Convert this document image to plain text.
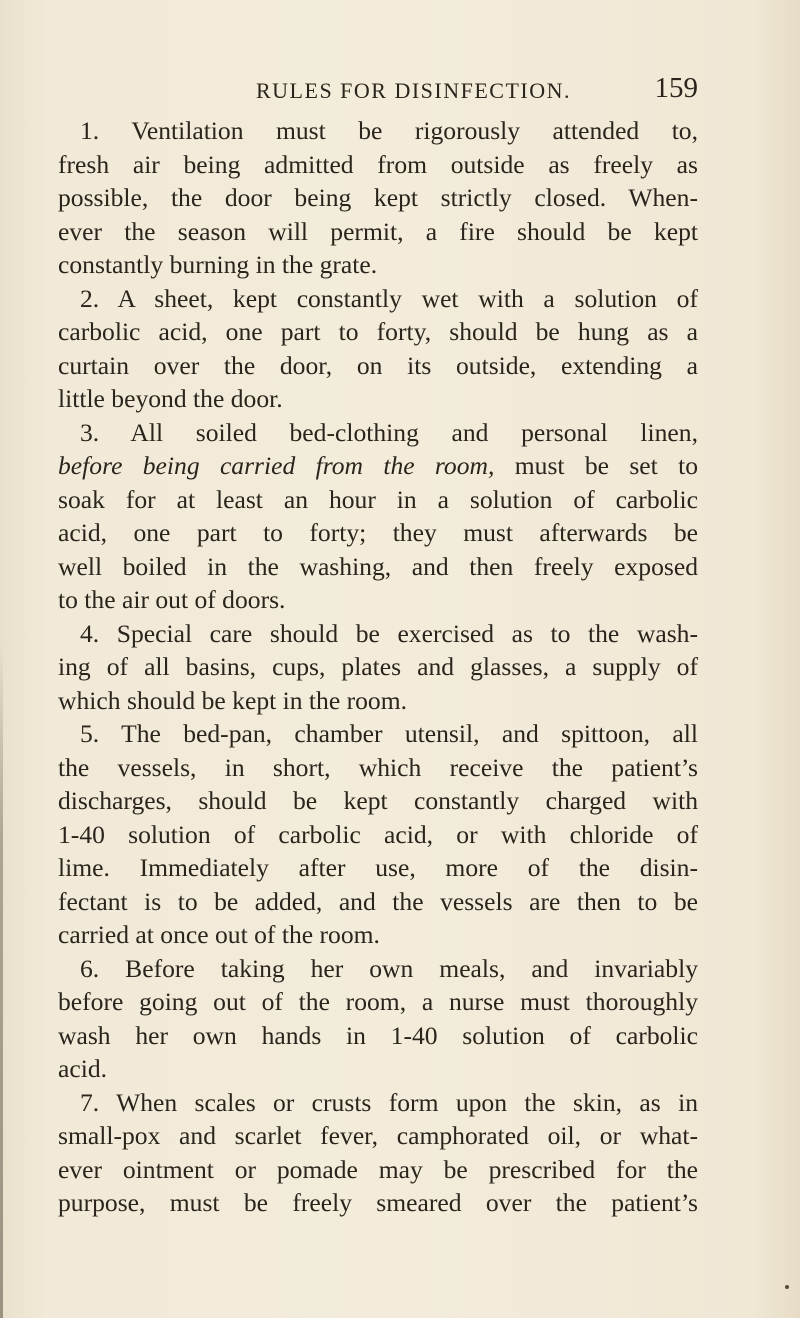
RULES FOR DISINFECTION.	159
1. Ventilation must be rigorously attended to,
fresh air being admitted from outside as freely as
possible, the door being kept strictly closed. When-
ever the season will permit, a fire should be kept
constantly burning in the grate.
2. A sheet, kept constantly wet with a solution of
carbolic acid, one part to forty, should be hung as a
curtain over the door, on its outside, extending a
little beyond the door.
3. All soiled bed-clothing and personal linen,
before being carried from the room, must be set to
soak for at least an hour in a solution of carbolic
acid, one part to forty; they must afterwards be
well boiled in the washing, and then freely exposed
to the air out of doors.
4. Special care should be exercised as to the wash-
ing of all basins, cups, plates and glasses, a supply of
which should be kept in the room.
5. The bed-pan, chamber utensil, and spittoon, all
the vessels, in short, which receive the patient’s
discharges, should be kept constantly charged with
1-40 solution of carbolic acid, or with chloride of
lime. Immediately after use, more of the disin-
fectant is to be added, and the vessels are then to be
carried at once out of the room.
6. Before taking her own meals, and invariably
before going out of the room, a nurse must thoroughly
wash her own hands in 1-40 solution of carbolic
acid.
7. When scales or crusts form upon the skin, as in
small-pox and scarlet fever, camphorated oil, or what-
ever ointment or pomade may be prescribed for the
purpose, must be freely smeared over the patient’s
